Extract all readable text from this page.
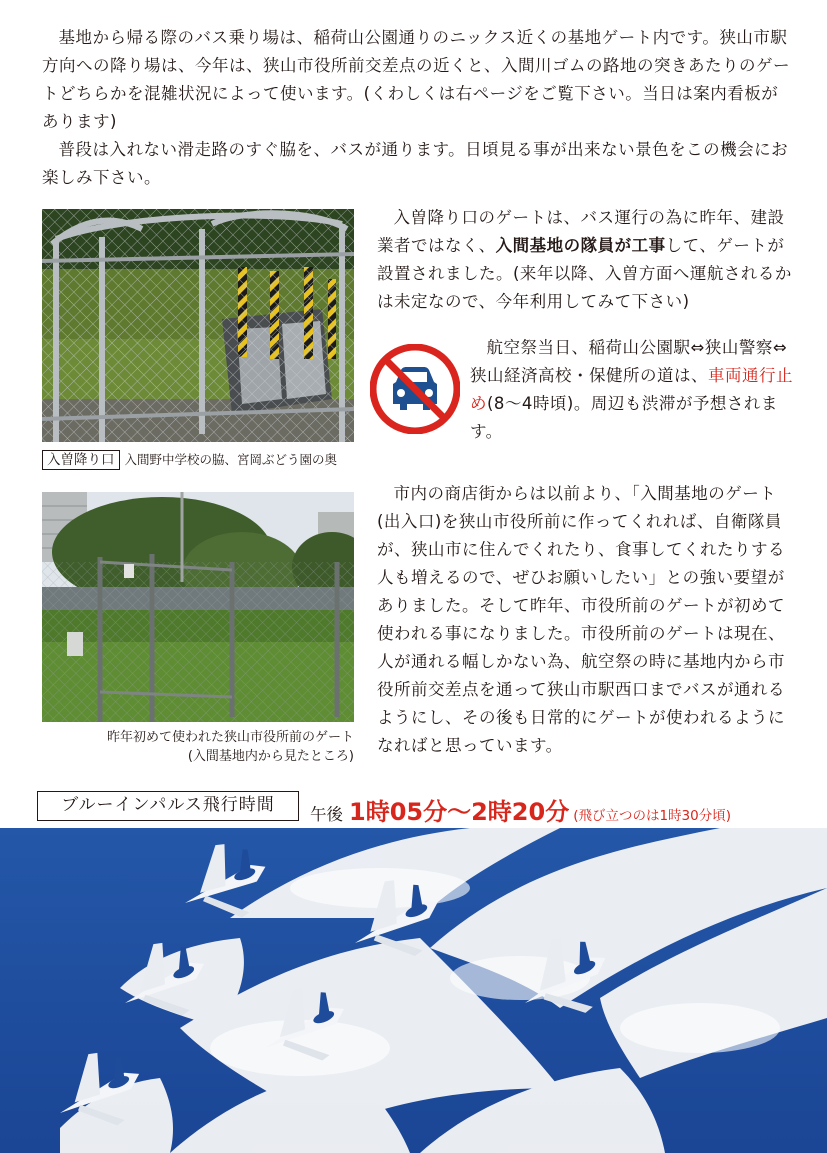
基地から帰る際のバス乗り場は、稲荷山公園通りのニックス近くの基地ゲート内です。狭山市駅方向への降り場は、今年は、狭山市役所前交差点の近くと、入間川ゴムの路地の突きあたりのゲートどちらかを混雑状況によって使います。(くわしくは右ページをご覧下さい。当日は案内看板があります)

普段は入れない滑走路のすぐ脇を、バスが通ります。日頃見る事が出来ない景色をこの機会にお楽しみ下さい。

入曽降り口 入間野中学校の脇、宮岡ぶどう園の奥

入曽降り口のゲートは、バス運行の為に昨年、建設業者ではなく、入間基地の隊員が工事して、ゲートが設置されました。(来年以降、入曽方面へ運航されるかは未定なので、今年利用してみて下さい)

航空祭当日、稲荷山公園駅⇔狭山警察⇔狭山経済高校・保健所の道は、車両通行止め(8〜4時頃)。周辺も渋滞が予想されます。

昨年初めて使われた狭山市役所前のゲート
(入間基地内から見たところ)

市内の商店街からは以前より、「入間基地のゲート(出入口)を狭山市役所前に作ってくれれば、自衛隊員が、狭山市に住んでくれたり、食事してくれたりする人も増えるので、ぜひお願いしたい」との強い要望がありました。そして昨年、市役所前のゲートが初めて使われる事になりました。市役所前のゲートは現在、人が通れる幅しかない為、航空祭の時に基地内から市役所前交差点を通って狭山市駅西口までバスが通れるようにし、その後も日常的にゲートが使われるようになればと思っています。

ブルーインパルス飛行時間	午後 1時05分〜2時20分 (飛び立つのは1時30分頃)
